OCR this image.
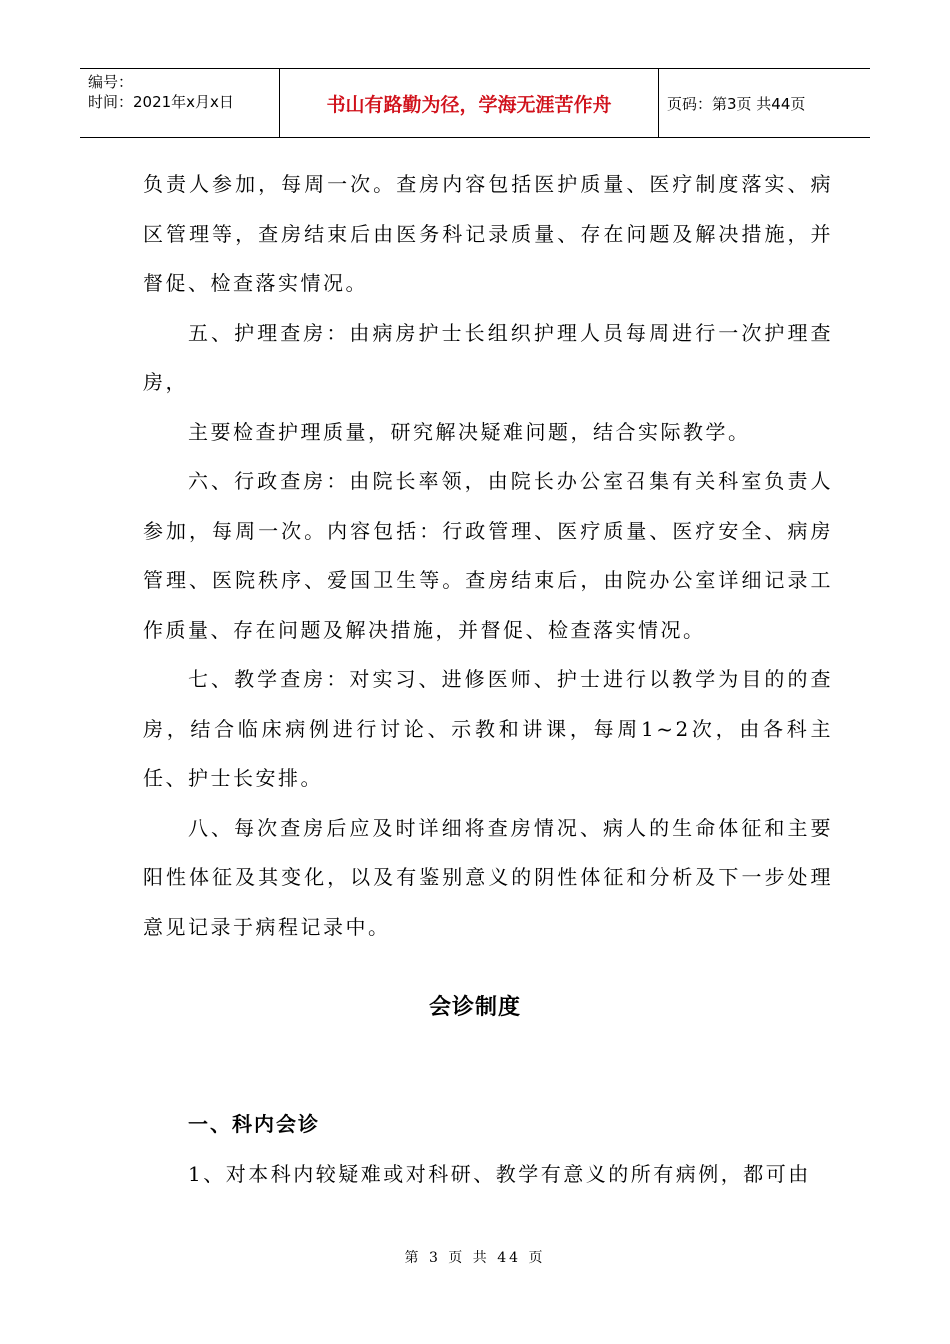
编号：
时间：2021年x月x日	书山有路勤为径，学海无涯苦作舟	页码：第3页 共44页

负责人参加，每周一次。查房内容包括医护质量、医疗制度落实、病区管理等，查房结束后由医务科记录质量、存在问题及解决措施，并督促、检查落实情况。

五、护理查房：由病房护士长组织护理人员每周进行一次护理查房，

主要检查护理质量，研究解决疑难问题，结合实际教学。

六、行政查房：由院长率领，由院长办公室召集有关科室负责人参加，每周一次。内容包括：行政管理、医疗质量、医疗安全、病房管理、医院秩序、爱国卫生等。查房结束后，由院办公室详细记录工作质量、存在问题及解决措施，并督促、检查落实情况。

七、教学查房：对实习、进修医师、护士进行以教学为目的的查房，结合临床病例进行讨论、示教和讲课，每周1~2次，由各科主任、护士长安排。

八、每次查房后应及时详细将查房情况、病人的生命体征和主要阳性体征及其变化，以及有鉴别意义的阴性体征和分析及下一步处理意见记录于病程记录中。

会诊制度
一、科内会诊

1、对本科内较疑难或对科研、教学有意义的所有病例，都可由

第 3 页 共 44 页
